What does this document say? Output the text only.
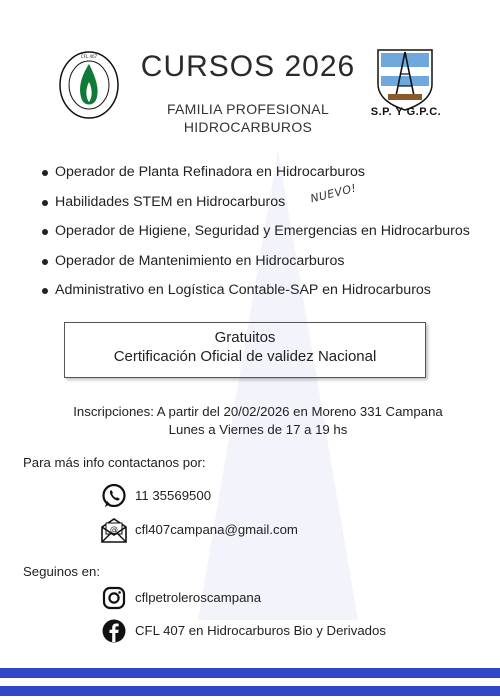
CFL 407
S.P. Y G.P.C.
CURSOS 2026
FAMILIA PROFESIONAL
HIDROCARBUROS
Operador de Planta Refinadora en Hidrocarburos
Habilidades STEM en Hidrocarburos
Operador de Higiene, Seguridad y Emergencias en Hidrocarburos
Operador de Mantenimiento en Hidrocarburos
Administrativo en Logística Contable-SAP en Hidrocarburos
NUEVO!
Gratuitos
Certificación Oficial de validez Nacional
Inscripciones: A partir del 20/02/2026 en Moreno 331 Campana
Lunes a Viernes de 17 a 19 hs
Para más info contactanos por:
11 35569500
@ cfl407campana@gmail.com
Seguinos en:
cflpetroleroscampana
CFL 407 en Hidrocarburos Bio y Derivados
